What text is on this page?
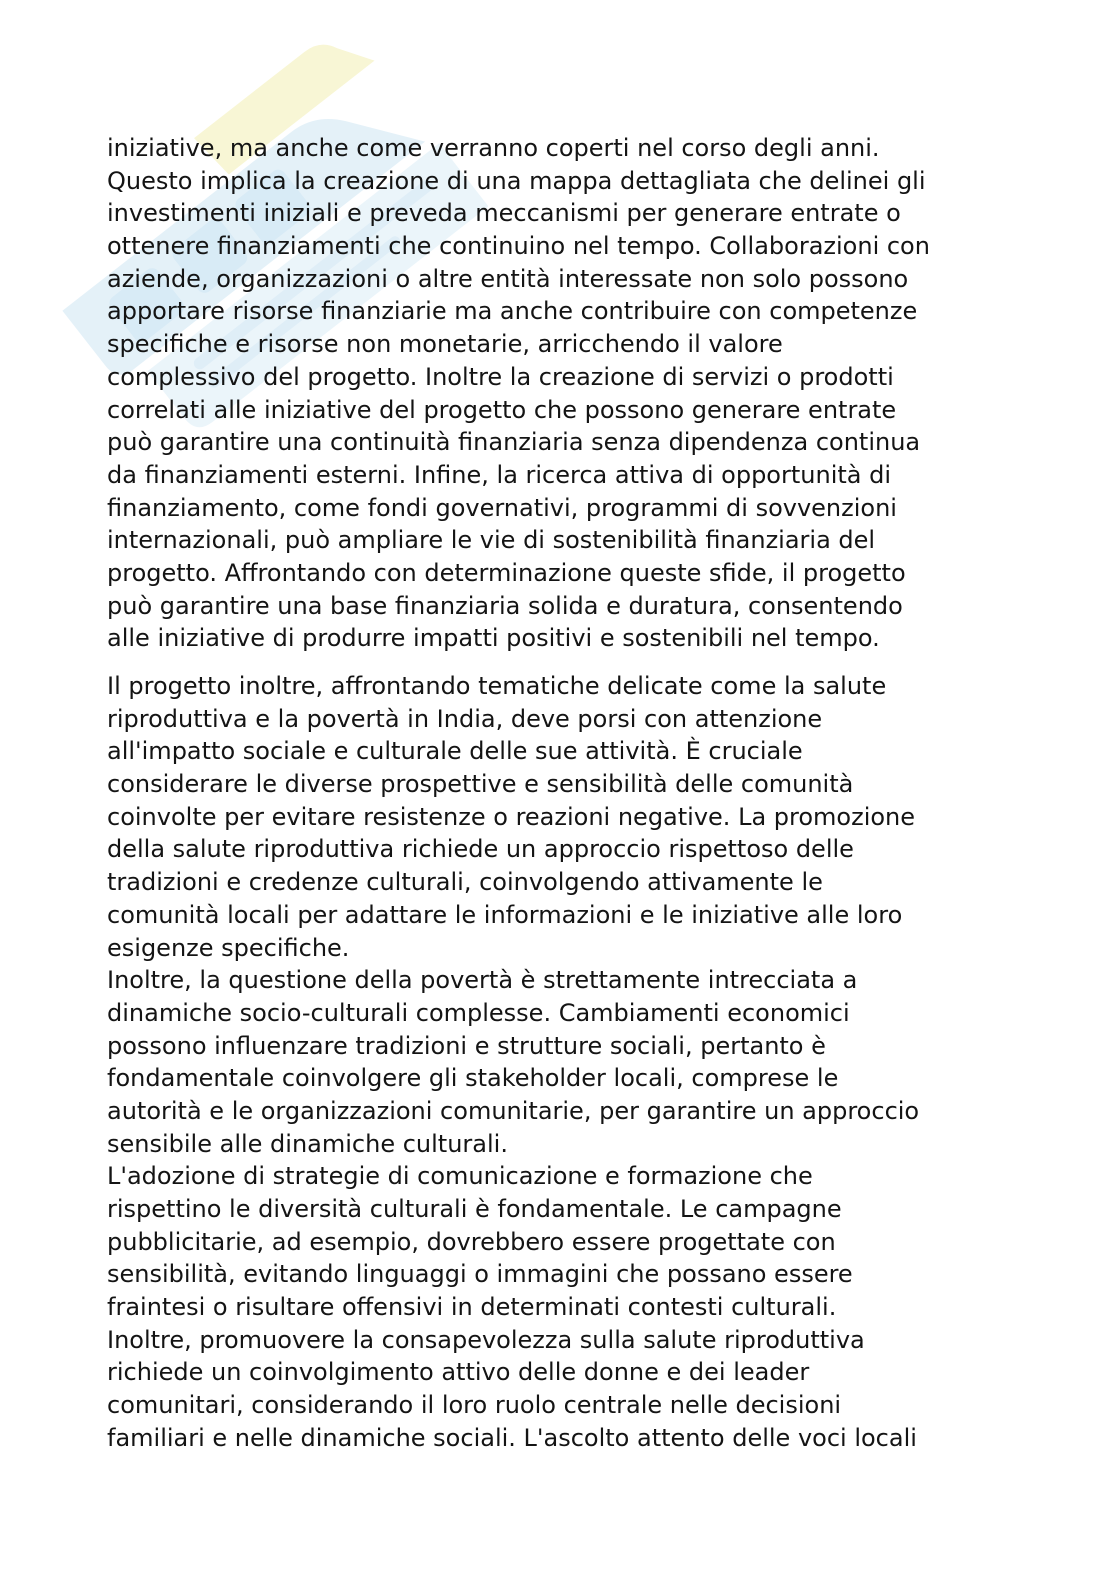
iniziative, ma anche come verranno coperti nel corso degli anni.
Questo implica la creazione di una mappa dettagliata che delinei gli
investimenti iniziali e preveda meccanismi per generare entrate o
ottenere finanziamenti che continuino nel tempo. Collaborazioni con
aziende, organizzazioni o altre entità interessate non solo possono
apportare risorse finanziarie ma anche contribuire con competenze
specifiche e risorse non monetarie, arricchendo il valore
complessivo del progetto. Inoltre la creazione di servizi o prodotti
correlati alle iniziative del progetto che possono generare entrate
può garantire una continuità finanziaria senza dipendenza continua
da finanziamenti esterni. Infine, la ricerca attiva di opportunità di
finanziamento, come fondi governativi, programmi di sovvenzioni
internazionali, può ampliare le vie di sostenibilità finanziaria del
progetto. Affrontando con determinazione queste sfide, il progetto
può garantire una base finanziaria solida e duratura, consentendo
alle iniziative di produrre impatti positivi e sostenibili nel tempo.

Il progetto inoltre, affrontando tematiche delicate come la salute
riproduttiva e la povertà in India, deve porsi con attenzione
all'impatto sociale e culturale delle sue attività. È cruciale
considerare le diverse prospettive e sensibilità delle comunità
coinvolte per evitare resistenze o reazioni negative. La promozione
della salute riproduttiva richiede un approccio rispettoso delle
tradizioni e credenze culturali, coinvolgendo attivamente le
comunità locali per adattare le informazioni e le iniziative alle loro
esigenze specifiche.
Inoltre, la questione della povertà è strettamente intrecciata a
dinamiche socio-culturali complesse. Cambiamenti economici
possono influenzare tradizioni e strutture sociali, pertanto è
fondamentale coinvolgere gli stakeholder locali, comprese le
autorità e le organizzazioni comunitarie, per garantire un approccio
sensibile alle dinamiche culturali.
L'adozione di strategie di comunicazione e formazione che
rispettino le diversità culturali è fondamentale. Le campagne
pubblicitarie, ad esempio, dovrebbero essere progettate con
sensibilità, evitando linguaggi o immagini che possano essere
fraintesi o risultare offensivi in determinati contesti culturali.
Inoltre, promuovere la consapevolezza sulla salute riproduttiva
richiede un coinvolgimento attivo delle donne e dei leader
comunitari, considerando il loro ruolo centrale nelle decisioni
familiari e nelle dinamiche sociali. L'ascolto attento delle voci locali
